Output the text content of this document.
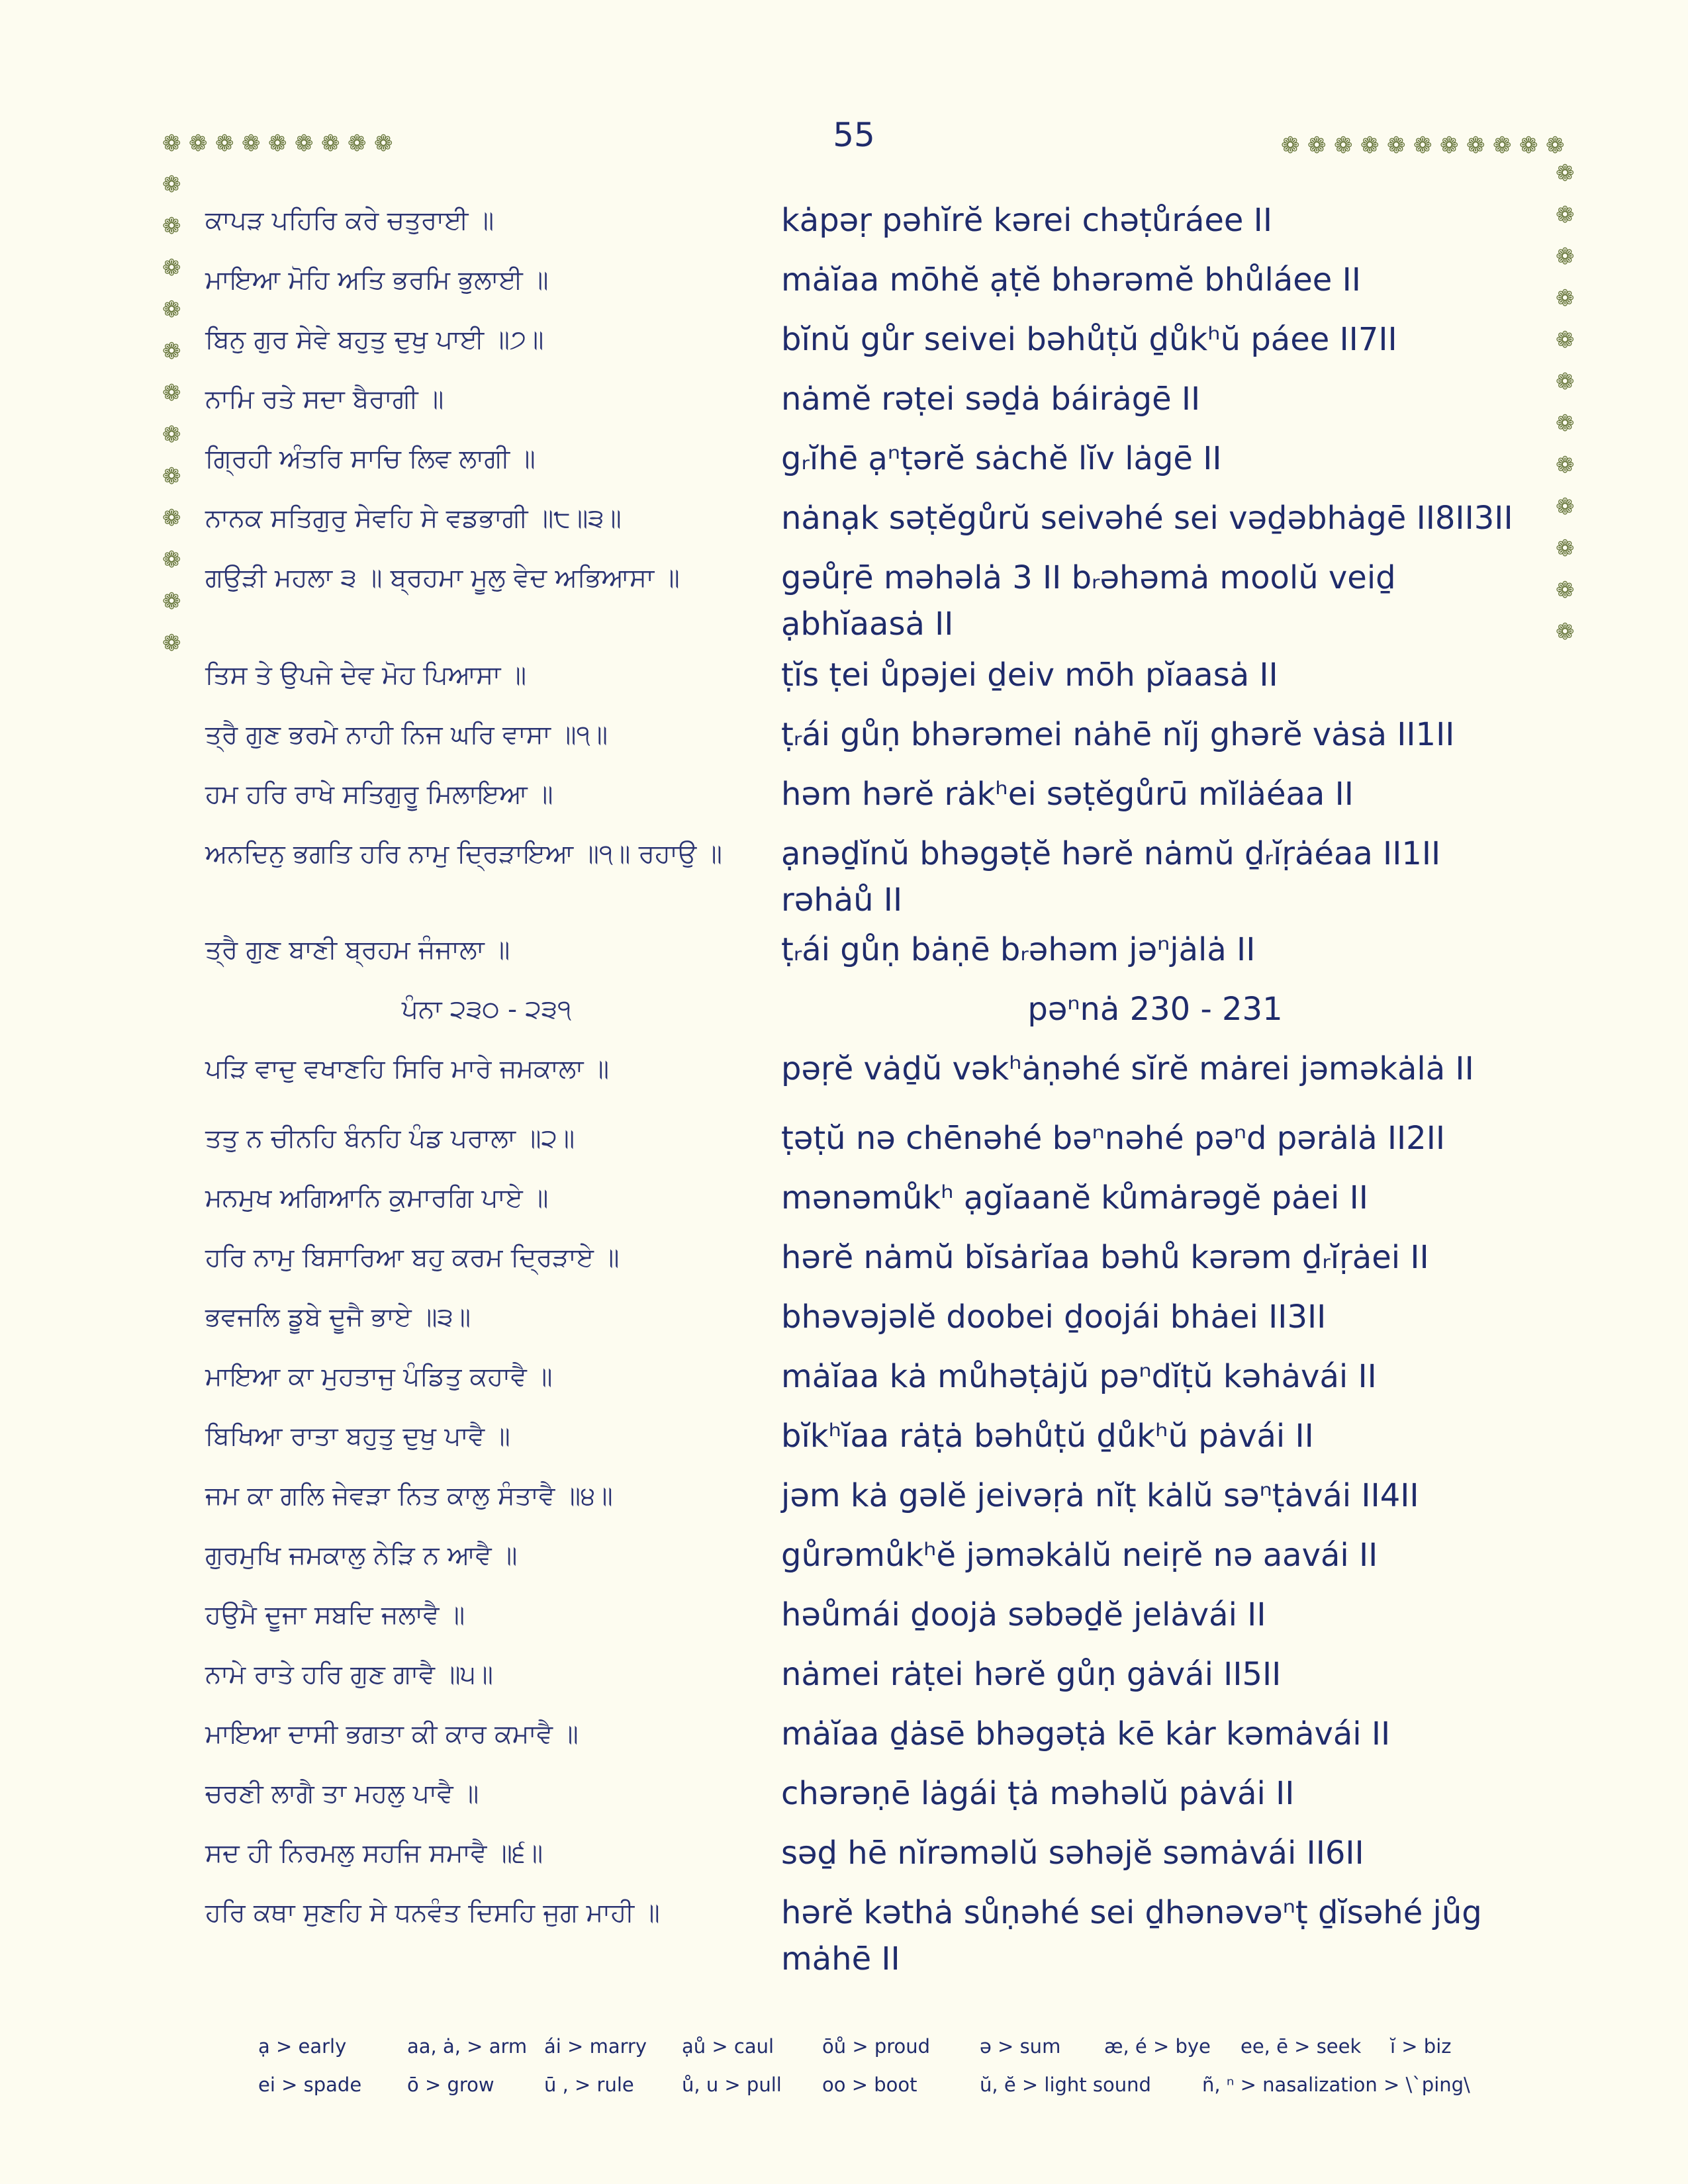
55
❁ ❁ ❁ ❁ ❁ ❁ ❁ ❁ ❁	❁ ❁ ❁ ❁ ❁ ❁ ❁ ❁ ❁ ❁ ❁
❁
❁
❁
❁
❁
❁
❁
❁
❁
❁
❁
❁
❁
❁
❁
❁
❁
❁
❁
❁
❁
❁
❁
❁
ਕਾਪੜ ਪਹਿਰਿ ਕਰੇ ਚਤੁਰਾਈ ॥	kȧpəṛ pəhĭrĕ kərei chəṭůráee II
ਮਾਇਆ ਮੋਹਿ ਅਤਿ ਭਰਮਿ ਭੁਲਾਈ ॥	mȧĭaa mōhĕ ạṭĕ bhərəmĕ bhůláee II
ਬਿਨੁ ਗੁਰ ਸੇਵੇ ਬਹੁਤੁ ਦੁਖੁ ਪਾਈ ॥੭॥	bĭnŭ gůr seivei bəhůṭŭ ḏůkʰŭ páee II7II
ਨਾਮਿ ਰਤੇ ਸਦਾ ਬੈਰਾਗੀ ॥	nȧmĕ rəṭei səḏȧ báirȧgē II
ਗ੍ਰਿਹੀ ਅੰਤਰਿ ਸਾਚਿ ਲਿਵ ਲਾਗੀ ॥	gᵣĭhē ạⁿṭərĕ sȧchĕ lĭv lȧgē II
ਨਾਨਕ ਸਤਿਗੁਰੁ ਸੇਵਹਿ ਸੇ ਵਡਭਾਗੀ ॥੮॥੩॥	nȧnạk səṭĕgůrŭ seivəhé sei vəḏəbhȧgē II8II3II
ਗਉੜੀ ਮਹਲਾ ੩ ॥ ਬ੍ਰਹਮਾ ਮੂਲੁ ਵੇਦ ਅਭਿਆਸਾ ॥	gəůṛē məhəlȧ 3 II bᵣəhəmȧ moolŭ veiḏ ạbhĭaasȧ II
ਤਿਸ ਤੇ ਉਪਜੇ ਦੇਵ ਮੋਹ ਪਿਆਸਾ ॥	ṭĭs ṭei ůpəjei ḏeiv mōh pĭaasȧ II
ਤ੍ਰੈ ਗੁਣ ਭਰਮੇ ਨਾਹੀ ਨਿਜ ਘਰਿ ਵਾਸਾ ॥੧॥	ṭᵣái gůṇ bhərəmei nȧhē nĭj ghərĕ vȧsȧ II1II
ਹਮ ਹਰਿ ਰਾਖੇ ਸਤਿਗੁਰੂ ਮਿਲਾਇਆ ॥	həm hərĕ rȧkʰei səṭĕgůrū mĭlȧéaa II
ਅਨਦਿਨੁ ਭਗਤਿ ਹਰਿ ਨਾਮੁ ਦ੍ਰਿੜਾਇਆ ॥੧॥ ਰਹਾਉ ॥	ạnəḏĭnŭ bhəgəṭĕ hərĕ nȧmŭ ḏᵣĭṛȧéaa II1II rəhȧů II
ਤ੍ਰੈ ਗੁਣ ਬਾਣੀ ਬ੍ਰਹਮ ਜੰਜਾਲਾ ॥	ṭᵣái gůṇ bȧṇē bᵣəhəm jəⁿjȧlȧ II
ਪੰਨਾ ੨੩੦ - ੨੩੧	pəⁿnȧ 230 - 231
ਪੜਿ ਵਾਦੁ ਵਖਾਣਹਿ ਸਿਰਿ ਮਾਰੇ ਜਮਕਾਲਾ ॥	pəṛĕ vȧḏŭ vəkʰȧṇəhé sĭrĕ mȧrei jəməkȧlȧ II
ਤਤੁ ਨ ਚੀਨਹਿ ਬੰਨਹਿ ਪੰਡ ਪਰਾਲਾ ॥੨॥	ṭəṭŭ nə chēnəhé bəⁿnəhé pəⁿd pərȧlȧ II2II
ਮਨਮੁਖ ਅਗਿਆਨਿ ਕੁਮਾਰਗਿ ਪਾਏ ॥	mənəmůkʰ ạgĭaanĕ kůmȧrəgĕ pȧei II
ਹਰਿ ਨਾਮੁ ਬਿਸਾਰਿਆ ਬਹੁ ਕਰਮ ਦ੍ਰਿੜਾਏ ॥	hərĕ nȧmŭ bĭsȧrĭaa bəhů kərəm ḏᵣĭṛȧei II
ਭਵਜਲਿ ਡੂਬੇ ਦੂਜੈ ਭਾਏ ॥੩॥	bhəvəjəlĕ doobei ḏoojái bhȧei II3II
ਮਾਇਆ ਕਾ ਮੁਹਤਾਜੁ ਪੰਡਿਤੁ ਕਹਾਵੈ ॥	mȧĭaa kȧ můhəṭȧjŭ pəⁿdĭṭŭ kəhȧvái II
ਬਿਖਿਆ ਰਾਤਾ ਬਹੁਤੁ ਦੁਖੁ ਪਾਵੈ ॥	bĭkʰĭaa rȧṭȧ bəhůṭŭ ḏůkʰŭ pȧvái II
ਜਮ ਕਾ ਗਲਿ ਜੇਵੜਾ ਨਿਤ ਕਾਲੁ ਸੰਤਾਵੈ ॥੪॥	jəm kȧ gəlĕ jeivəṛȧ nĭṭ kȧlŭ səⁿṭȧvái II4II
ਗੁਰਮੁਖਿ ਜਮਕਾਲੁ ਨੇੜਿ ਨ ਆਵੈ ॥	gůrəmůkʰĕ jəməkȧlŭ neiṛĕ nə aavái II
ਹਉਮੈ ਦੂਜਾ ਸਬਦਿ ਜਲਾਵੈ ॥	həůmái ḏoojȧ səbəḏĕ jelȧvái II
ਨਾਮੇ ਰਾਤੇ ਹਰਿ ਗੁਣ ਗਾਵੈ ॥੫॥	nȧmei rȧṭei hərĕ gůṇ gȧvái II5II
ਮਾਇਆ ਦਾਸੀ ਭਗਤਾ ਕੀ ਕਾਰ ਕਮਾਵੈ ॥	mȧĭaa ḏȧsē bhəgəṭȧ kē kȧr kəmȧvái II
ਚਰਣੀ ਲਾਗੈ ਤਾ ਮਹਲੁ ਪਾਵੈ ॥	chərəṇē lȧgái ṭȧ məhəlŭ pȧvái II
ਸਦ ਹੀ ਨਿਰਮਲੁ ਸਹਜਿ ਸਮਾਵੈ ॥੬॥	səḏ hē nĭrəməlŭ səhəjĕ səmȧvái II6II
ਹਰਿ ਕਥਾ ਸੁਣਹਿ ਸੇ ਧਨਵੰਤ ਦਿਸਹਿ ਜੁਗ ਮਾਹੀ ॥	hərĕ kəthȧ sůṇəhé sei ḏhənəvəⁿṭ ḏĭsəhé jůg mȧhē II
ạ > early	aa, ȧ, > arm ái > marry ạů > caul	ōů > proud	ə > sum æ, é > bye ee, ē > seek ĭ > biz
ei > spade ō > grow	ū , > rule ů, u > pull oo > boot	ŭ, ĕ > light sound	ñ, ⁿ > nasalization > \`ping\
